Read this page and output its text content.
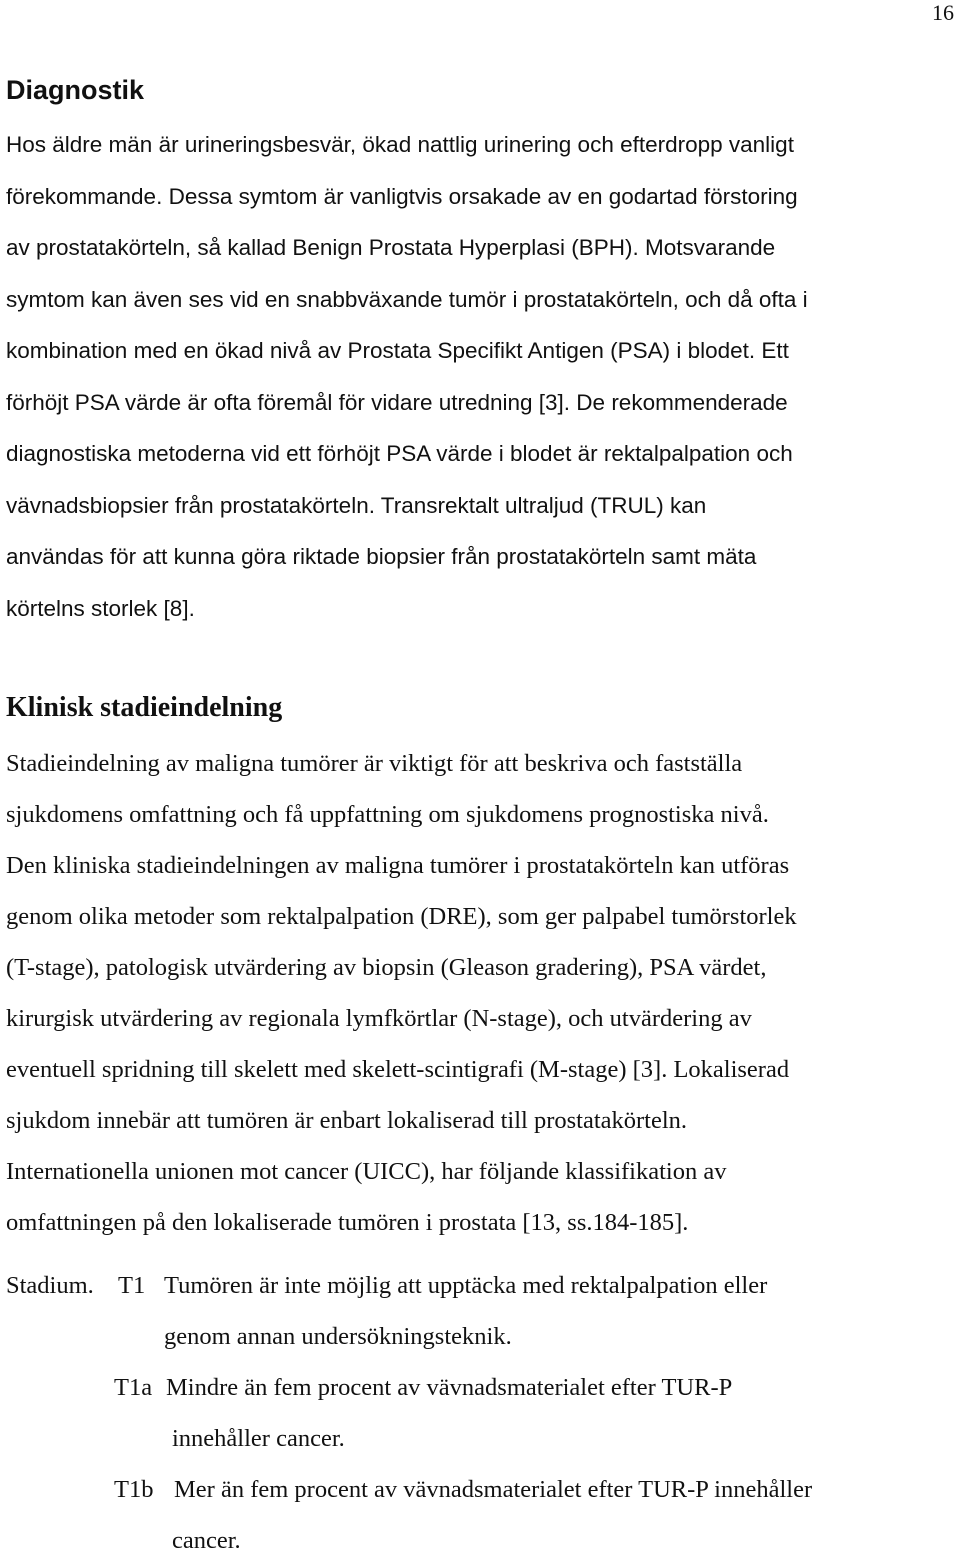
16
Diagnostik
Hos äldre män är urineringsbesvär, ökad nattlig urinering och efterdropp vanligt
förekommande. Dessa symtom är vanligtvis orsakade av en godartad förstoring
av prostatakörteln, så kallad Benign Prostata Hyperplasi (BPH). Motsvarande
symtom kan även ses vid en snabbväxande tumör i prostatakörteln, och då ofta i
kombination med en ökad nivå av Prostata Specifikt Antigen (PSA) i blodet. Ett
förhöjt PSA värde är ofta föremål för vidare utredning [3]. De rekommenderade
diagnostiska metoderna vid ett förhöjt PSA värde i blodet är rektalpalpation och
vävnadsbiopsier från prostatakörteln. Transrektalt ultraljud (TRUL) kan
användas för att kunna göra riktade biopsier från prostatakörteln samt mäta
körtelns storlek [8].
Klinisk stadieindelning
Stadieindelning av maligna tumörer är viktigt för att beskriva och fastställa
sjukdomens omfattning och få uppfattning om sjukdomens prognostiska nivå.
Den kliniska stadieindelningen av maligna tumörer i prostatakörteln kan utföras
genom olika metoder som rektalpalpation (DRE), som ger palpabel tumörstorlek
(T-stage), patologisk utvärdering av biopsin (Gleason gradering), PSA värdet,
kirurgisk utvärdering av regionala lymfkörtlar (N-stage), och utvärdering av
eventuell spridning till skelett med skelett-scintigrafi (M-stage) [3]. Lokaliserad
sjukdom innebär att tumören är enbart lokaliserad till prostatakörteln.
Internationella unionen mot cancer (UICC), har följande klassifikation av
omfattningen på den lokaliserade tumören i prostata [13, ss.184-185].
Stadium. T1 Tumören är inte möjlig att upptäcka med rektalpalpation eller
genom annan undersökningsteknik.
T1a Mindre än fem procent av vävnadsmaterialet efter TUR-P
innehåller cancer.
T1b Mer än fem procent av vävnadsmaterialet efter TUR-P innehåller
cancer.
